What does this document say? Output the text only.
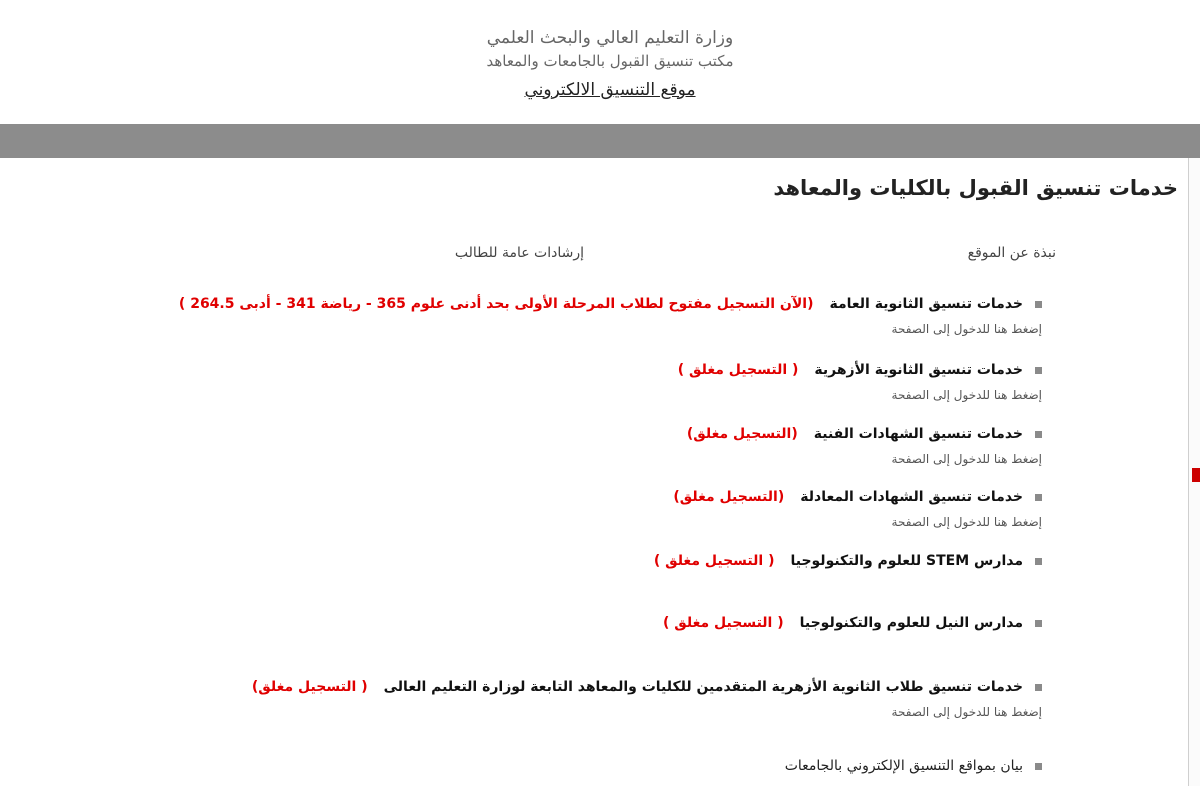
وزارة التعليم العالي والبحث العلمي
مكتب تنسيق القبول بالجامعات والمعاهد
موقع التنسيق الالكتروني
خدمات تنسيق القبول بالكليات والمعاهد
نبذة عن الموقع
إرشادات عامة للطالب
خدمات تنسيق الثانوية العامة
(الآن التسجيل مفتوح لطلاب المرحلة الأولى بحد أدنى علوم 365 - رياضة 341 - أدبى 264.5 )
إضغط هنا للدخول إلى الصفحة
خدمات تنسيق الثانوية الأزهرية
( التسجيل مغلق )
إضغط هنا للدخول إلى الصفحة
خدمات تنسيق الشهادات الفنية
(التسجيل مغلق)
إضغط هنا للدخول إلى الصفحة
خدمات تنسيق الشهادات المعادلة
(التسجيل مغلق)
إضغط هنا للدخول إلى الصفحة
مدارس STEM للعلوم والتكنولوجيا
( التسجيل مغلق )
مدارس النيل للعلوم والتكنولوجيا
( التسجيل مغلق )
خدمات تنسيق طلاب الثانوية الأزهرية المتقدمين للكليات والمعاهد التابعة لوزارة التعليم العالى
( التسجيل مغلق)
إضغط هنا للدخول إلى الصفحة
بيان بمواقع التنسيق الإلكتروني بالجامعات
